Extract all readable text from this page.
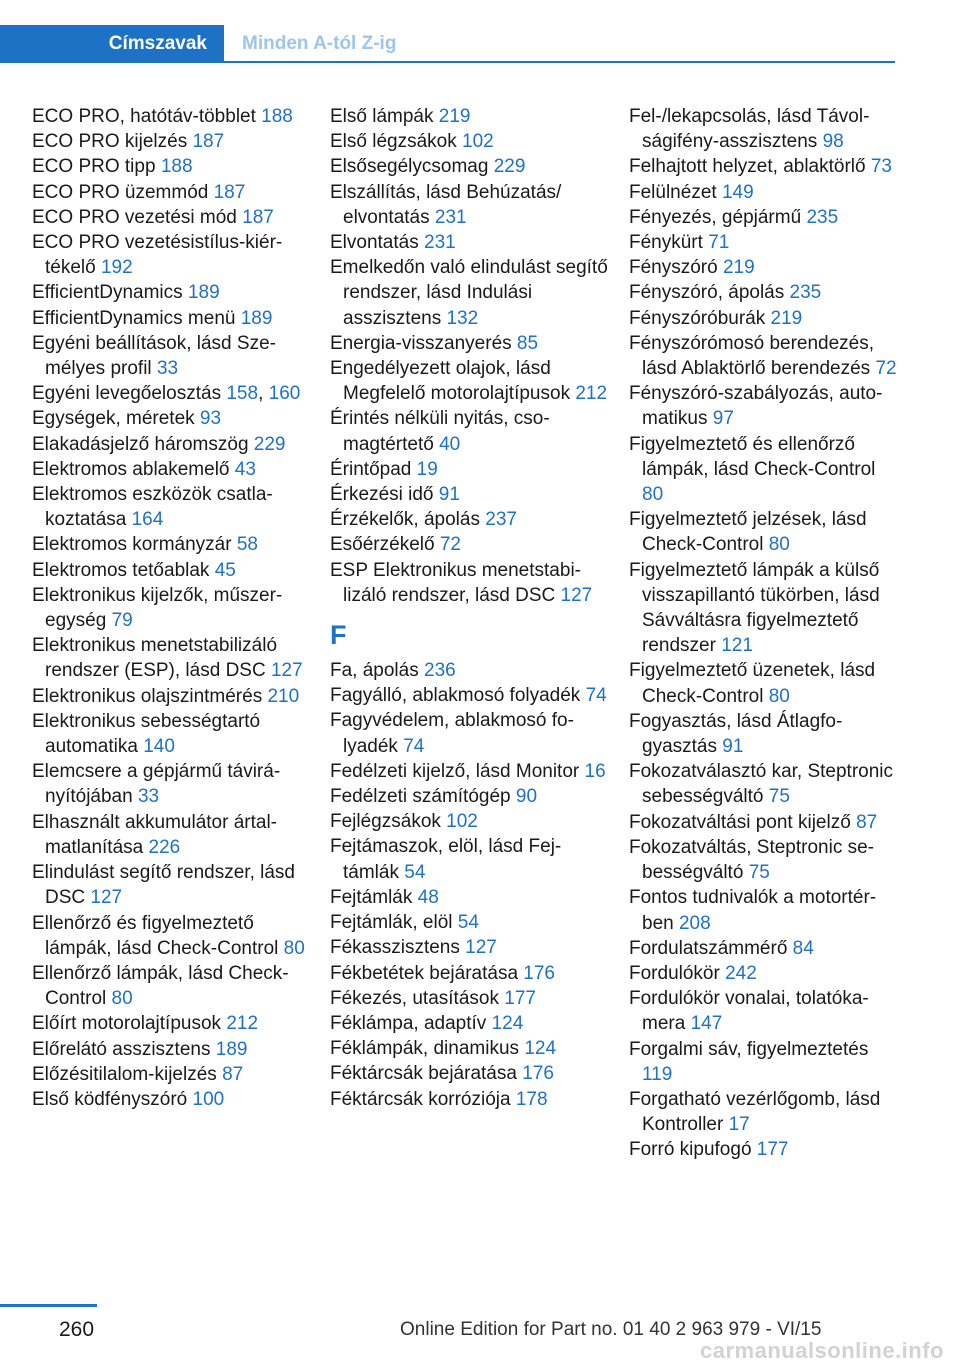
Címszavak	Minden A-tól Z-ig
ECO PRO, hatótáv-többlet 188
ECO PRO kijelzés 187
ECO PRO tipp 188
ECO PRO üzemmód 187
ECO PRO vezetési mód 187
ECO PRO vezetésistílus-kiértékelő 192
EfficientDynamics 189
EfficientDynamics menü 189
Egyéni beállítások, lásd Személyes profil 33
Egyéni levegőelosztás 158, 160
Egységek, méretek 93
Elakadásjelző háromszög 229
Elektromos ablakemelő 43
Elektromos eszközök csatlakoztatása 164
Elektromos kormányzár 58
Elektromos tetőablak 45
Elektronikus kijelzők, műszeregység 79
Elektronikus menetstabilizáló rendszer (ESP), lásd DSC 127
Elektronikus olajszintmérés 210
Elektronikus sebességtartó automatika 140
Elemcsere a gépjármű távirányítójában 33
Elhasznált akkumulátor ártalmatlanítása 226
Elindulást segítő rendszer, lásd DSC 127
Ellenőrző és figyelmeztető lámpák, lásd Check-Control 80
Ellenőrző lámpák, lásd Check-Control 80
Előírt motorolajtípusok 212
Előrelátó asszisztens 189
Előzésitilalom-kijelzés 87
Első ködfényszóró 100
Első lámpák 219
Első légzsákok 102
Elsősegélycsomag 229
Elszállítás, lásd Behúzatás/ elvontatás 231
Elvontatás 231
Emelkedőn való elindulást segítő rendszer, lásd Indulási asszisztens 132
Energia-visszanyerés 85
Engedélyezett olajok, lásd Megfelelő motorolajtípusok 212
Érintés nélküli nyitás, csomagtértető 40
Érintőpad 19
Érkezési idő 91
Érzékelők, ápolás 237
Esőérzékelő 72
ESP Elektronikus menetstabilizáló rendszer, lásd DSC 127
F
Fa, ápolás 236
Fagyálló, ablakmosó folyadék 74
Fagyvédelem, ablakmosó folyadék 74
Fedélzeti kijelző, lásd Monitor 16
Fedélzeti számítógép 90
Fejlégzsákok 102
Fejtámaszok, elöl, lásd Fejtámlák 54
Fejtámlák 48
Fejtámlák, elöl 54
Fékasszisztens 127
Fékbetétek bejáratása 176
Fékezés, utasítások 177
Féklámpa, adaptív 124
Féklámpák, dinamikus 124
Féktárcsák bejáratása 176
Féktárcsák korróziója 178
Fel-/lekapcsolás, lásd Távolságifény-asszisztens 98
Felhajtott helyzet, ablaktörlő 73
Felülnézet 149
Fényezés, gépjármű 235
Fénykürt 71
Fényszóró 219
Fényszóró, ápolás 235
Fényszóróburák 219
Fényszórómosó berendezés, lásd Ablaktörlő berendezés 72
Fényszóró-szabályozás, automatikus 97
Figyelmeztető és ellenőrző lámpák, lásd Check-Control 80
Figyelmeztető jelzések, lásd Check-Control 80
Figyelmeztető lámpák a külső visszapillantó tükörben, lásd Sávváltásra figyelmeztető rendszer 121
Figyelmeztető üzenetek, lásd Check-Control 80
Fogyasztás, lásd Átlagfogyasztás 91
Fokozatválasztó kar, Steptronic sebességváltó 75
Fokozatváltási pont kijelző 87
Fokozatváltás, Steptronic sebességváltó 75
Fontos tudnivalók a motortérben 208
Fordulatszámmérő 84
Fordulókör 242
Fordulókör vonalai, tolatókamera 147
Forgalmi sáv, figyelmeztetés 119
Forgatható vezérlőgomb, lásd Kontroller 17
Forró kipufogó 177
260	Online Edition for Part no. 01 40 2 963 979 - VI/15
carmanualsonline.info
